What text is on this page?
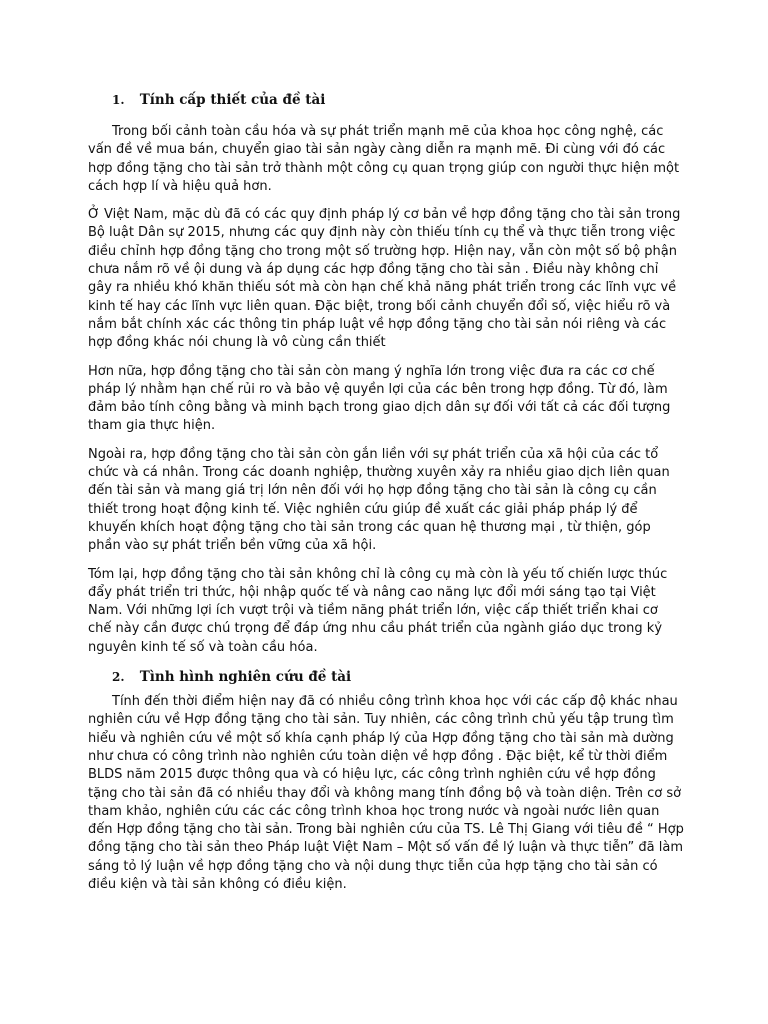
1. Tính cấp thiết của đề tài

Trong bối cảnh toàn cầu hóa và sự phát triển mạnh mẽ của khoa học công nghệ, các vấn đề về mua bán, chuyển giao tài sản ngày càng diễn ra mạnh mẽ. Đi cùng với đó các hợp đồng tặng cho tài sản trở thành một công cụ quan trọng giúp con người thực hiện một cách hợp lí và hiệu quả hơn.

Ở Việt Nam, mặc dù đã có các quy định pháp lý cơ bản về hợp đồng tặng cho tài sản trong Bộ luật Dân sự 2015, nhưng các quy định này còn thiếu tính cụ thể và thực tiễn trong việc điều chỉnh hợp đồng tặng cho trong một số trường hợp. Hiện nay, vẫn còn một số bộ phận chưa nắm rõ về ội dung và áp dụng các hợp đồng tặng cho tài sản . Điều này không chỉ gây ra nhiều khó khăn thiếu sót mà còn hạn chế khả năng phát triển trong các lĩnh vực về kinh tế hay các lĩnh vực liên quan. Đặc biệt, trong bối cảnh chuyển đổi số, việc hiểu rõ và nắm bắt chính xác các thông tin pháp luật về hợp đồng tặng cho tài sản nói riêng và các hợp đồng khác nói chung là vô cùng cần thiết

Hơn nữa, hợp đồng tặng cho tài sản còn mang ý nghĩa lớn trong việc đưa ra các cơ chế pháp lý nhằm hạn chế rủi ro và bảo vệ quyền lợi của các bên trong hợp đồng. Từ đó, làm đảm bảo tính công bằng và minh bạch trong giao dịch dân sự đối với tất cả các đối tượng tham gia thực hiện.

Ngoài ra, hợp đồng tặng cho tài sản còn gắn liền với sự phát triển của xã hội của các tổ chức và cá nhân. Trong các doanh nghiệp, thường xuyên xảy ra nhiều giao dịch liên quan đến tài sản và mang giá trị lớn nên đối với họ hợp đồng tặng cho tài sản là công cụ cần thiết trong hoạt động kinh tế. Việc nghiên cứu giúp đề xuất các giải pháp pháp lý để khuyến khích hoạt động tặng cho tài sản trong các quan hệ thương mại , từ thiện, góp phần vào sự phát triển bền vững của xã hội.

Tóm lại, hợp đồng tặng cho tài sản không chỉ là công cụ mà còn là yếu tố chiến lược thúc đẩy phát triển tri thức, hội nhập quốc tế và nâng cao năng lực đổi mới sáng tạo tại Việt Nam. Với những lợi ích vượt trội và tiềm năng phát triển lớn, việc cấp thiết triển khai cơ chế này cần được chú trọng để đáp ứng nhu cầu phát triển của ngành giáo dục trong kỷ nguyên kinh tế số và toàn cầu hóa.

2. Tình hình nghiên cứu đề tài

Tính đến thời điểm hiện nay đã có nhiều công trình khoa học với các cấp độ khác nhau nghiên cứu về Hợp đồng tặng cho tài sản. Tuy nhiên, các công trình chủ yếu tập trung tìm hiểu và nghiên cứu về một số khía cạnh pháp lý của Hợp đồng tặng cho tài sản mà dường như chưa có công trình nào nghiên cứu toàn diện về hợp đồng . Đặc biệt, kể từ thời điểm BLDS năm 2015 được thông qua và có hiệu lực, các công trình nghiên cứu về hợp đồng tặng cho tài sản đã có nhiều thay đổi và không mang tính đồng bộ và toàn diện. Trên cơ sở tham khảo, nghiên cứu các các công trình khoa học trong nước và ngoài nước liên quan đến Hợp đồng tặng cho tài sản. Trong bài nghiên cứu của TS. Lê Thị Giang với tiêu đề “ Hợp đồng tặng cho tài sản theo Pháp luật Việt Nam – Một số vấn đề lý luận và thực tiễn” đã làm sáng tỏ lý luận về hợp đồng tặng cho và nội dung thực tiễn của hợp tặng cho tài sản có điều kiện và tài sản không có điều kiện.
